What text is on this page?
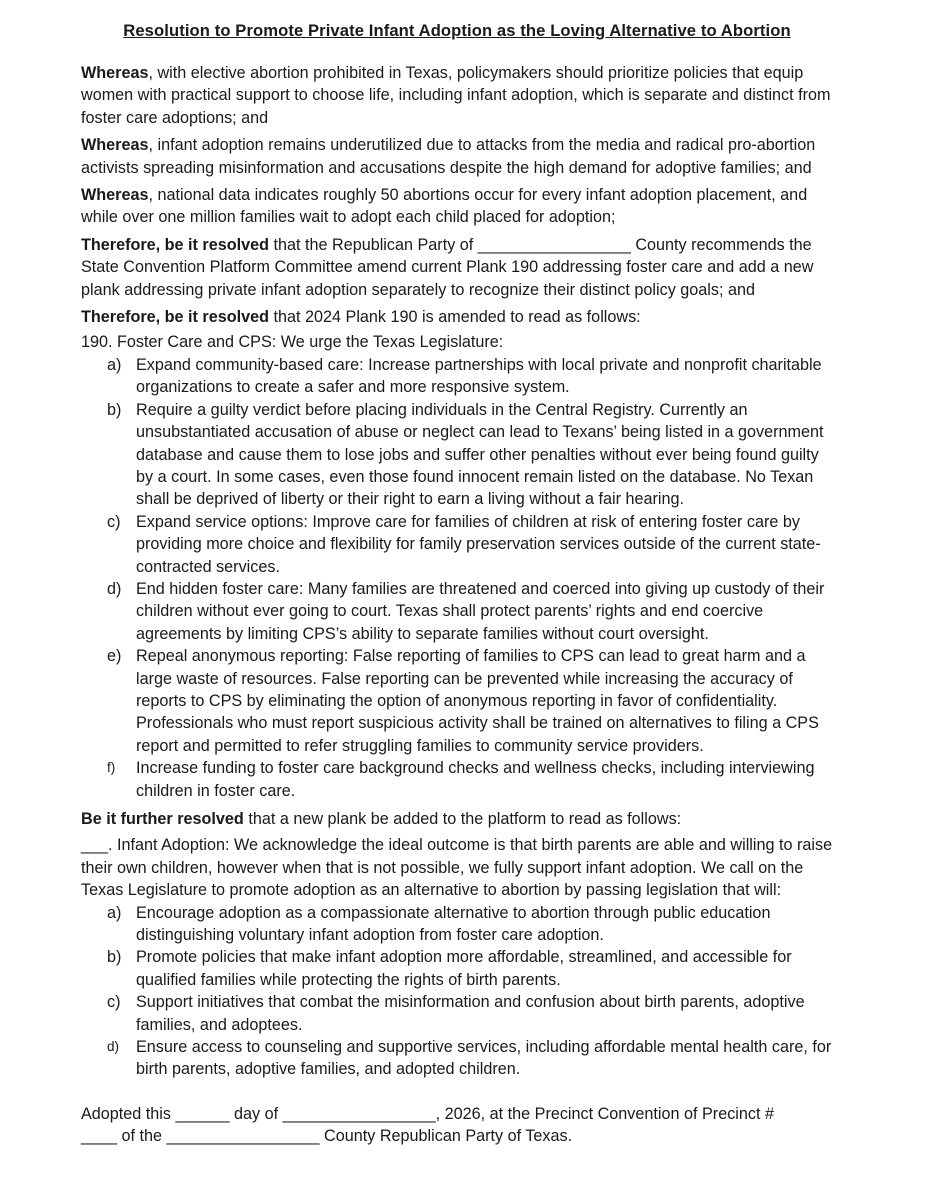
Resolution to Promote Private Infant Adoption as the Loving Alternative to Abortion

Whereas, with elective abortion prohibited in Texas, policymakers should prioritize policies that equip women with practical support to choose life, including infant adoption, which is separate and distinct from foster care adoptions; and

Whereas, infant adoption remains underutilized due to attacks from the media and radical pro-abortion activists spreading misinformation and accusations despite the high demand for adoptive families; and

Whereas, national data indicates roughly 50 abortions occur for every infant adoption placement, and while over one million families wait to adopt each child placed for adoption;

Therefore, be it resolved that the Republican Party of _________________ County recommends the State Convention Platform Committee amend current Plank 190 addressing foster care and add a new plank addressing private infant adoption separately to recognize their distinct policy goals; and

Therefore, be it resolved that 2024 Plank 190 is amended to read as follows:

190. Foster Care and CPS: We urge the Texas Legislature:

a) Expand community-based care: Increase partnerships with local private and nonprofit charitable organizations to create a safer and more responsive system.
b) Require a guilty verdict before placing individuals in the Central Registry. Currently an unsubstantiated accusation of abuse or neglect can lead to Texans’ being listed in a government database and cause them to lose jobs and suffer other penalties without ever being found guilty by a court. In some cases, even those found innocent remain listed on the database. No Texan shall be deprived of liberty or their right to earn a living without a fair hearing.
c) Expand service options: Improve care for families of children at risk of entering foster care by providing more choice and flexibility for family preservation services outside of the current state-contracted services.
d) End hidden foster care: Many families are threatened and coerced into giving up custody of their children without ever going to court. Texas shall protect parents’ rights and end coercive agreements by limiting CPS’s ability to separate families without court oversight.
e) Repeal anonymous reporting: False reporting of families to CPS can lead to great harm and a large waste of resources. False reporting can be prevented while increasing the accuracy of reports to CPS by eliminating the option of anonymous reporting in favor of confidentiality. Professionals who must report suspicious activity shall be trained on alternatives to filing a CPS report and permitted to refer struggling families to community service providers.
f) Increase funding to foster care background checks and wellness checks, including interviewing children in foster care.

Be it further resolved that a new plank be added to the platform to read as follows:

___. Infant Adoption: We acknowledge the ideal outcome is that birth parents are able and willing to raise their own children, however when that is not possible, we fully support infant adoption. We call on the Texas Legislature to promote adoption as an alternative to abortion by passing legislation that will:

a) Encourage adoption as a compassionate alternative to abortion through public education distinguishing voluntary infant adoption from foster care adoption.
b) Promote policies that make infant adoption more affordable, streamlined, and accessible for qualified families while protecting the rights of birth parents.
c) Support initiatives that combat the misinformation and confusion about birth parents, adoptive families, and adoptees.
d) Ensure access to counseling and supportive services, including affordable mental health care, for birth parents, adoptive families, and adopted children.

Adopted this ______ day of _________________, 2026, at the Precinct Convention of Precinct #

____ of the _________________ County Republican Party of Texas.
